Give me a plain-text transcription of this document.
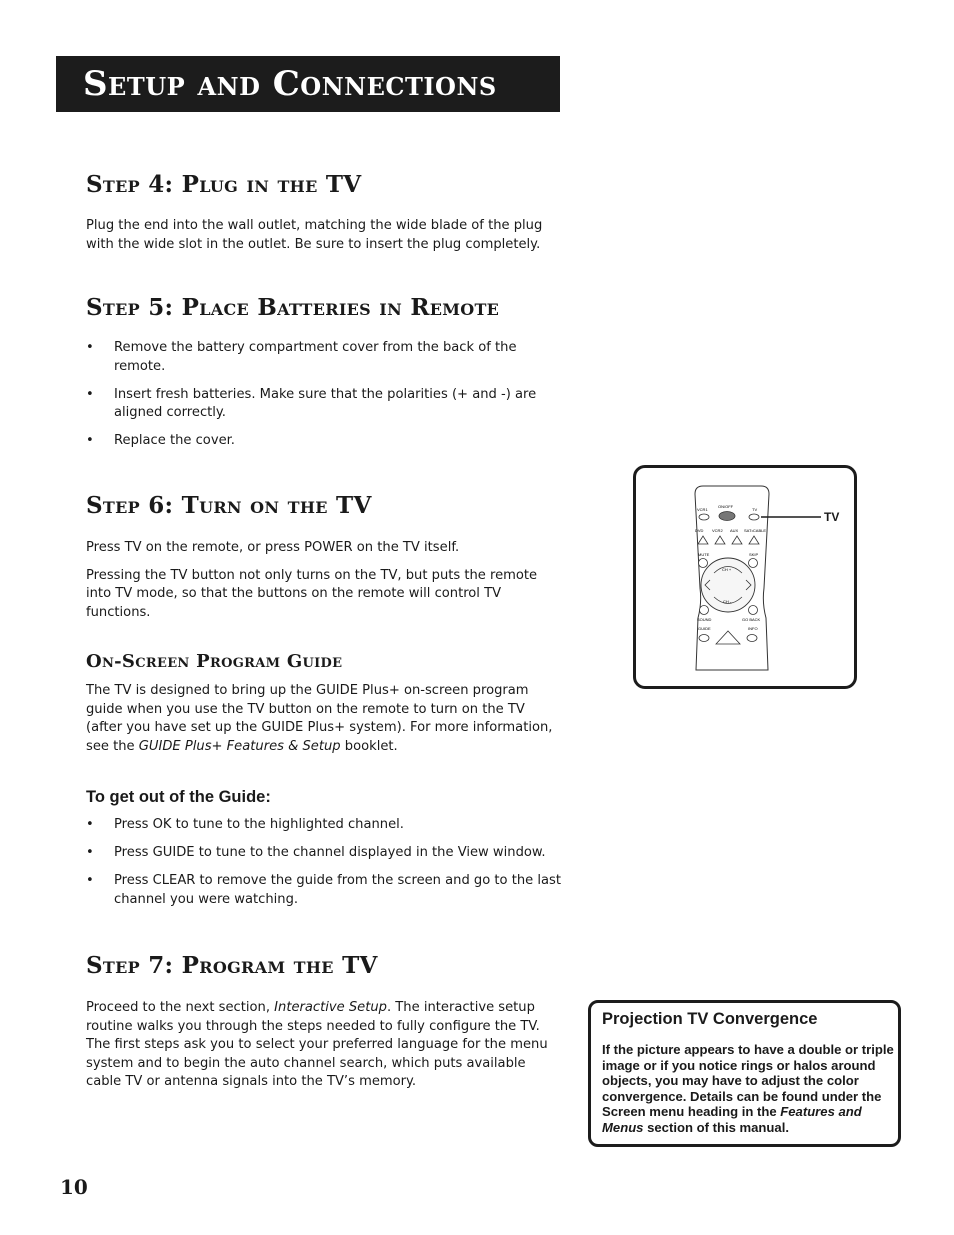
Setup and Connections
Step 4: Plug in the TV

Plug the end into the wall outlet, matching the wide blade of the plug with the wide slot in the outlet. Be sure to insert the plug completely.

Step 5: Place Batteries in Remote
• Remove the battery compartment cover from the back of the remote.
• Insert fresh batteries. Make sure that the polarities (+ and -) are aligned correctly.
• Replace the cover.
Step 6: Turn on the TV

Press TV on the remote, or press POWER on the TV itself.

Pressing the TV button not only turns on the TV, but puts the remote into TV mode, so that the buttons on the remote will control TV functions.

On-Screen Program Guide

The TV is designed to bring up the GUIDE Plus+ on-screen program guide when you use the TV button on the remote to turn on the TV (after you have set up the GUIDE Plus+ system). For more information, see the GUIDE Plus+ Features & Setup booklet.

To get out of the Guide:
• Press OK to tune to the highlighted channel.
• Press GUIDE to tune to the channel displayed in the View window.
• Press CLEAR to remove the guide from the screen and go to the last channel you were watching.
Step 7: Program the TV

Proceed to the next section, Interactive Setup. The interactive setup routine walks you through the steps needed to fully configure the TV. The first steps ask you to select your preferred language for the menu system and to begin the auto channel search, which puts available cable TV or antenna signals into the TV’s memory.

VCR1
ON/OFF
TV
DVD VCR2 AUX SAT•CABLE
MUTE	SKIP
CH +
CH -
SOUND	GO BACK
GUIDE	INFO
TV
Projection TV Convergence
If the picture appears to have a double or triple image or if you notice rings or halos around objects, you may have to adjust the color convergence. Details can be found under the Screen menu heading in the Features and Menus section of this manual.
10
